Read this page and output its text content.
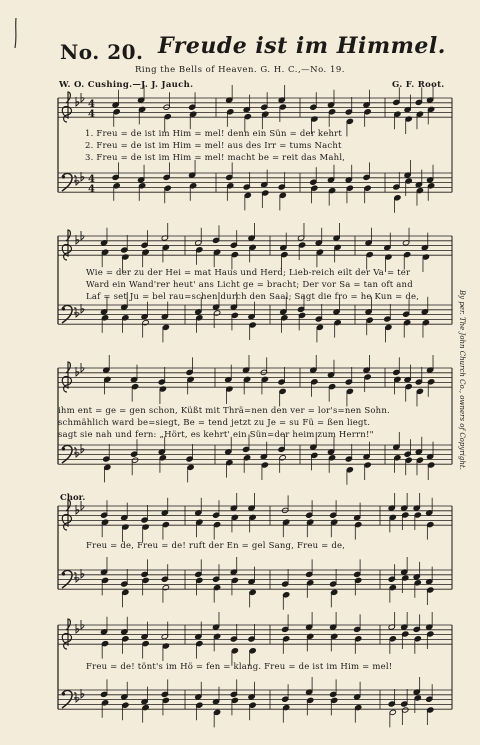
No. 20. Freude ist im Himmel.
Ring the Bells of Heaven. G. H. C.,—No. 19.
W. O. Cushing.—J. J. Jauch.	G. F. Root.
By per. The John Church Co., owners of Copyright.
Chor.
4
4
4
4
1. Freu = de ist im Him = mel! denn ein Sün = der kehrt
2. Freu = de ist im Him = mel! aus des Irr = tums Nacht
3. Freu = de ist im Him = mel! macht be = reit das Mahl,
Wie = der zu der Hei = mat Haus und Herd; Lieb-reich eilt der Va = ter
Ward ein Wand'rer heut' ans Licht ge = bracht; Der vor Sa = tan oft and
Laf = set Ju = bel rau=schen durch den Saal; Sagt die fro = he Kun = de,
ihm ent = ge = gen schon, Küßt mit Thrä=nen den ver = lor's=nen Sohn.
schmählich ward be=siegt, Be = tend jetzt zu Je = su Fü = ßen liegt.
sagt sie nah und fern: „Hört, es kehrt' ein Sün=der heim zum Herrn!"
Freu = de, Freu = de! ruft der En = gel Sang, Freu = de,
Freu = de! tönt's im Hö = fen = klang. Freu = de ist im Him = mel!
